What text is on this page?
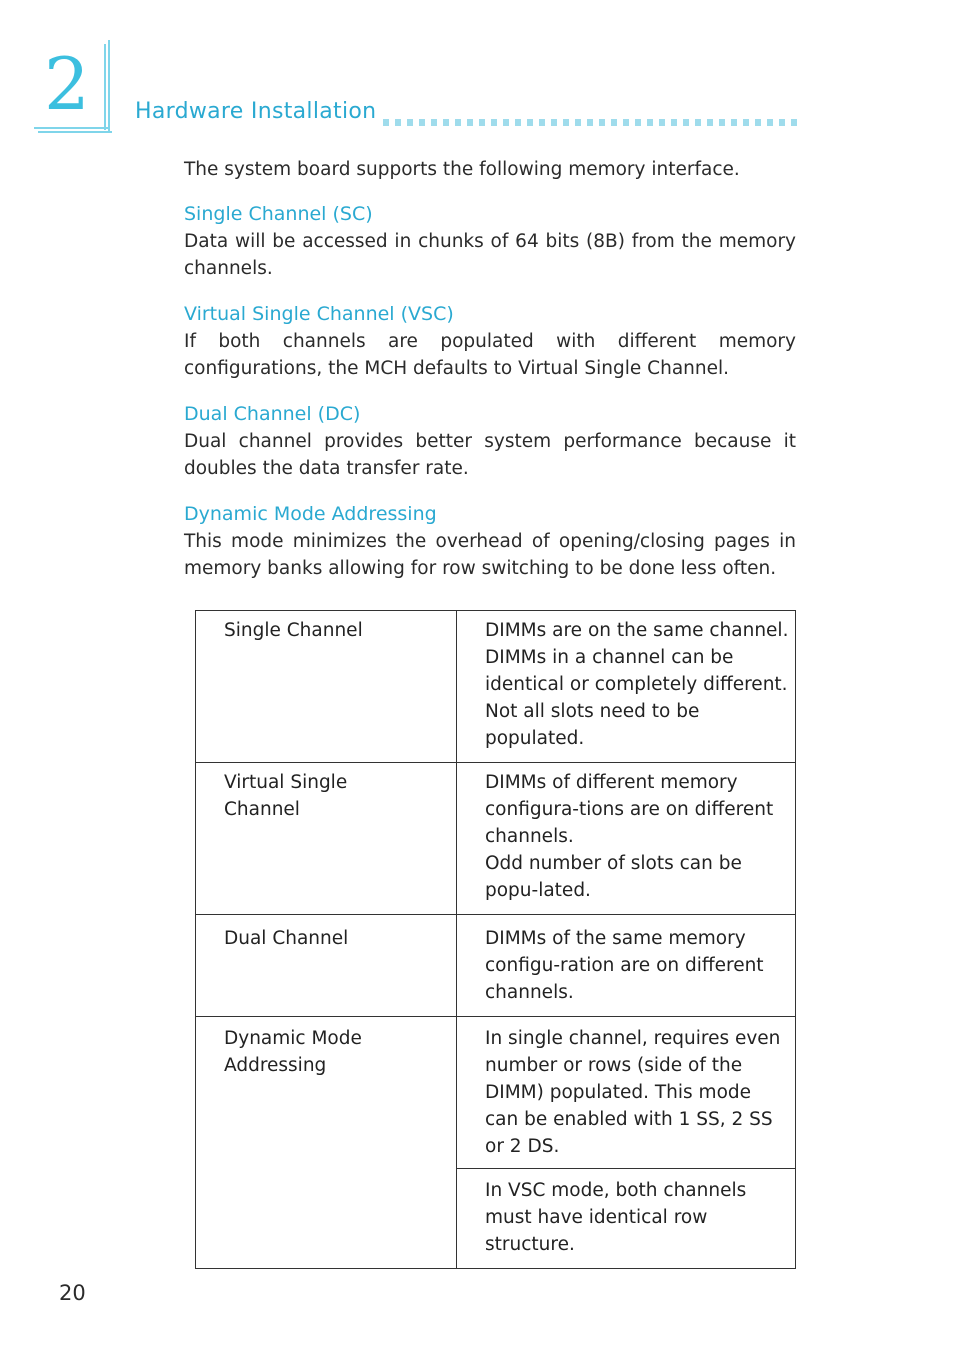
2 Hardware Installation

The system board supports the following memory interface.

Single Channel (SC)

Data will be accessed in chunks of 64 bits (8B) from the memory channels.

Virtual Single Channel (VSC)

If both channels are populated with different memory configurations, the MCH defaults to Virtual Single Channel.

Dual Channel (DC)

Dual channel provides better system performance because it doubles the data transfer rate.

Dynamic Mode Addressing

This mode minimizes the overhead of opening/closing pages in memory banks allowing for row switching to be done less often.

Single Channel	DIMMs are on the same channel.

DIMMs in a channel can be identical or completely different.

Not all slots need to be populated.

Virtual Single Channel	DIMMs of different memory configura-tions are on different channels.

Odd number of slots can be popu-lated.

Dual Channel	DIMMs of the same memory configu-ration are on different channels.

Dynamic Mode Addressing	In single channel, requires even number or rows (side of the DIMM) populated. This mode can be enabled with 1 SS, 2 SS or 2 DS.

In VSC mode, both channels must have identical row structure.
20
